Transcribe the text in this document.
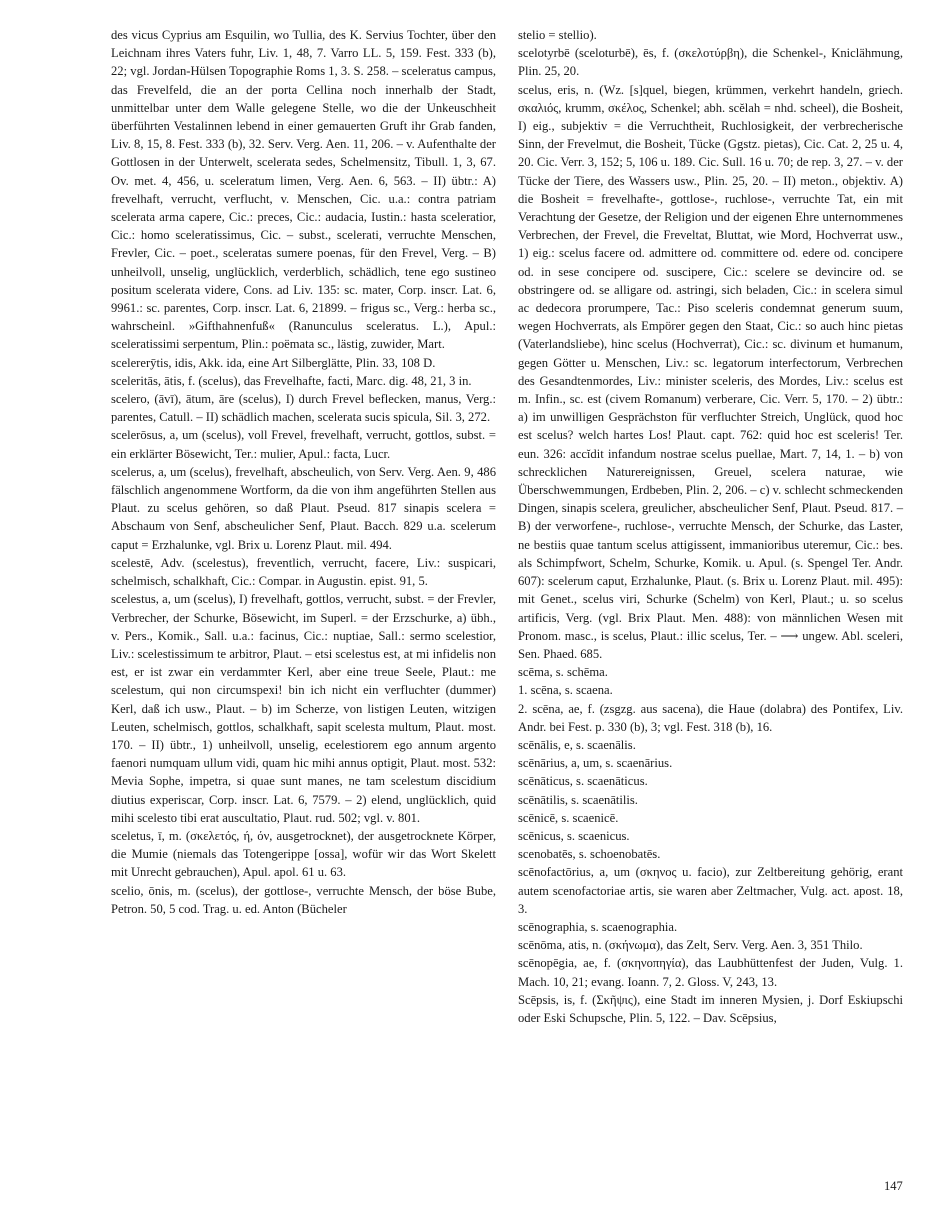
des vicus Cyprius am Esquilin, wo Tullia, des K. Servius Tochter, über den Leichnam ihres Vaters fuhr, Liv. 1, 48, 7. Varro LL. 5, 159. Fest. 333 (b), 22; vgl. Jordan-Hülsen Topographie Roms 1, 3. S. 258. – sceleratus campus, das Frevelfeld, die an der porta Cellina noch innerhalb der Stadt, unmittelbar unter dem Walle gelegene Stelle, wo die der Unkeuschheit überführten Vestalinnen lebend in einer gemauerten Gruft ihr Grab fanden, Liv. 8, 15, 8. Fest. 333 (b), 32. Serv. Verg. Aen. 11, 206. – v. Aufenthalte der Gottlosen in der Unterwelt, scelerata sedes, Schelmensitz, Tibull. 1, 3, 67. Ov. met. 4, 456, u. sceleratum limen, Verg. Aen. 6, 563. – II) übtr.: A) frevelhaft, verrucht, verflucht, v. Menschen, Cic. u.a.: contra patriam scelerata arma capere, Cic.: preces, Cic.: audacia, Iustin.: hasta sceleratior, Cic.: homo sceleratissimus, Cic. – subst., scelerati, verruchte Menschen, Frevler, Cic. – poet., sceleratas sumere poenas, für den Frevel, Verg. – B) unheilvoll, unselig, unglücklich, verderblich, schädlich, tene ego sustineo positum scelerata videre, Cons. ad Liv. 135: sc. mater, Corp. inscr. Lat. 6, 9961.: sc. parentes, Corp. inscr. Lat. 6, 21899. – frigus sc., Verg.: herba sc., wahrscheinl. »Gifthahnenfuß« (Ranunculus sceleratus. L.), Apul.: sceleratissimi serpentum, Plin.: poëmata sc., lästig, zuwider, Mart.

scelererȳtis, idis, Akk. ida, eine Art Silberglätte, Plin. 33, 108 D.

sceleritās, ātis, f. (scelus), das Frevelhafte, facti, Marc. dig. 48, 21, 3 in.

scelero, (āvī), ātum, āre (scelus), I) durch Frevel beflecken, manus, Verg.: parentes, Catull. – II) schädlich machen, scelerata sucis spicula, Sil. 3, 272.

scelerōsus, a, um (scelus), voll Frevel, frevelhaft, verrucht, gottlos, subst. = ein erklärter Bösewicht, Ter.: mulier, Apul.: facta, Lucr.

scelerus, a, um (scelus), frevelhaft, abscheulich, von Serv. Verg. Aen. 9, 486 fälschlich angenommene Wortform, da die von ihm angeführten Stellen aus Plaut. zu scelus gehören, so daß Plaut. Pseud. 817 sinapis scelera = Abschaum von Senf, abscheulicher Senf, Plaut. Bacch. 829 u.a. scelerum caput = Erzhalunke, vgl. Brix u. Lorenz Plaut. mil. 494.

scelestē, Adv. (scelestus), freventlich, verrucht, facere, Liv.: suspicari, schelmisch, schalkhaft, Cic.: Compar. in Augustin. epist. 91, 5.

scelestus, a, um (scelus), I) frevelhaft, gottlos, verrucht, subst. = der Frevler, Verbrecher, der Schurke, Bösewicht, im Superl. = der Erzschurke, a) übh., v. Pers., Komik., Sall. u.a.: facinus, Cic.: nuptiae, Sall.: sermo scelestior, Liv.: scelestissimum te arbitror, Plaut. – etsi scelestus est, at mi infidelis non est, er ist zwar ein verdammter Kerl, aber eine treue Seele, Plaut.: me scelestum, qui non circumspexi! bin ich nicht ein verfluchter (dummer) Kerl, daß ich usw., Plaut. – b) im Scherze, von listigen Leuten, witzigen Leuten, schelmisch, gottlos, schalkhaft, sapit scelesta multum, Plaut. most. 170. – II) übtr., 1) unheilvoll, unselig, ecelestiorem ego annum argento faenori numquam ullum vidi, quam hic mihi annus optigit, Plaut. most. 532: Mevia Sophe, impetra, si quae sunt manes, ne tam scelestum discidium diutius experiscar, Corp. inscr. Lat. 6, 7579. – 2) elend, unglücklich, quid mihi scelesto tibi erat auscultatio, Plaut. rud. 502; vgl. v. 801.

sceletus, ī, m. (σκελετός, ή, όν, ausgetrocknet), der ausgetrocknete Körper, die Mumie (niemals das Totengerippe [ossa], wofür wir das Wort Skelett mit Unrecht gebrauchen), Apul. apol. 61 u. 63.

scelio, ōnis, m. (scelus), der gottlose-, verruchte Mensch, der böse Bube, Petron. 50, 5 cod. Trag. u. ed. Anton (Bücheler

stelio = stellio).

scelotyrbē (sceloturbē), ēs, f. (σκελοτύρβη), die Schenkel-, Kniclähmung, Plin. 25, 20.

scelus, eris, n. (Wz. [s]quel, biegen, krümmen, verkehrt handeln, griech. σκαλιός, krumm, σκέλος, Schenkel; abh. scĕlah = nhd. scheel), die Bosheit, I) eig., subjektiv = die Verruchtheit, Ruchlosigkeit, der verbrecherische Sinn, der Frevelmut, die Bosheit, Tücke (Ggstz. pietas), Cic. Cat. 2, 25 u. 4, 20. Cic. Verr. 3, 152; 5, 106 u. 189. Cic. Sull. 16 u. 70; de rep. 3, 27. – v. der Tücke der Tiere, des Wassers usw., Plin. 25, 20. – II) meton., objektiv. A) die Bosheit = frevelhafte-, gottlose-, ruchlose-, verruchte Tat, ein mit Verachtung der Gesetze, der Religion und der eigenen Ehre unternommenes Verbrechen, der Frevel, die Freveltat, Bluttat, wie Mord, Hochverrat usw., 1) eig.: scelus facere od. admittere od. committere od. edere od. concipere od. in sese concipere od. suscipere, Cic.: scelere se devincire od. se obstringere od. se alligare od. astringi, sich beladen, Cic.: in scelera simul ac dedecora prorumpere, Tac.: Piso sceleris condemnat generum suum, wegen Hochverrats, als Empörer gegen den Staat, Cic.: so auch hinc pietas (Vaterlandsliebe), hinc scelus (Hochverrat), Cic.: sc. divinum et humanum, gegen Götter u. Menschen, Liv.: sc. legatorum interfectorum, Verbrechen des Gesandtenmordes, Liv.: minister sceleris, des Mordes, Liv.: scelus est m. Infin., sc. est (civem Romanum) verberare, Cic. Verr. 5, 170. – 2) übtr.: a) im unwilligen Gesprächston für verfluchter Streich, Unglück, quod hoc est scelus? welch hartes Los! Plaut. capt. 762: quid hoc est sceleris! Ter. eun. 326: accĭdit infandum nostrae scelus puellae, Mart. 7, 14, 1. – b) von schrecklichen Naturereignissen, Greuel, scelera naturae, wie Überschwemmungen, Erdbeben, Plin. 2, 206. – c) v. schlecht schmeckenden Dingen, sinapis scelera, greulicher, abscheulicher Senf, Plaut. Pseud. 817. – B) der verworfene-, ruchlose-, verruchte Mensch, der Schurke, das Laster, ne bestiis quae tantum scelus attigissent, immanioribus uteremur, Cic.: bes. als Schimpfwort, Schelm, Schurke, Komik. u. Apul. (s. Spengel Ter. Andr. 607): scelerum caput, Erzhalunke, Plaut. (s. Brix u. Lorenz Plaut. mil. 495): mit Genet., scelus viri, Schurke (Schelm) von Kerl, Plaut.; u. so scelus artificis, Verg. (vgl. Brix Plaut. Men. 488): von männlichen Wesen mit Pronom. masc., is scelus, Plaut.: illic scelus, Ter. – ⟶ ungew. Abl. sceleri, Sen. Phaed. 685.

scēma, s. schēma.

1. scēna, s. scaena.

2. scēna, ae, f. (zsgzg. aus sacena), die Haue (dolabra) des Pontifex, Liv. Andr. bei Fest. p. 330 (b), 3; vgl. Fest. 318 (b), 16.

scēnālis, e, s. scaenālis.

scēnārius, a, um, s. scaenārius.

scēnāticus, s. scaenāticus.

scēnātilis, s. scaenātilis.

scēnicē, s. scaenicē.

scēnicus, s. scaenicus.

scenobatēs, s. schoenobatēs.

scēnofactōrius, a, um (σκηνος u. facio), zur Zeltbereitung gehörig, erant autem scenofactoriae artis, sie waren aber Zeltmacher, Vulg. act. apost. 18, 3.

scēnographia, s. scaenographia.

scēnōma, atis, n. (σκήνωμα), das Zelt, Serv. Verg. Aen. 3, 351 Thilo.

scēnopēgia, ae, f. (σκηνοπηγία), das Laubhüttenfest der Juden, Vulg. 1. Mach. 10, 21; evang. Ioann. 7, 2. Gloss. V, 243, 13.

Scēpsis, is, f. (Σκῆψις), eine Stadt im inneren Mysien, j. Dorf Eskiupschi oder Eski Schupsche, Plin. 5, 122. – Dav. Scēpsius,

147
